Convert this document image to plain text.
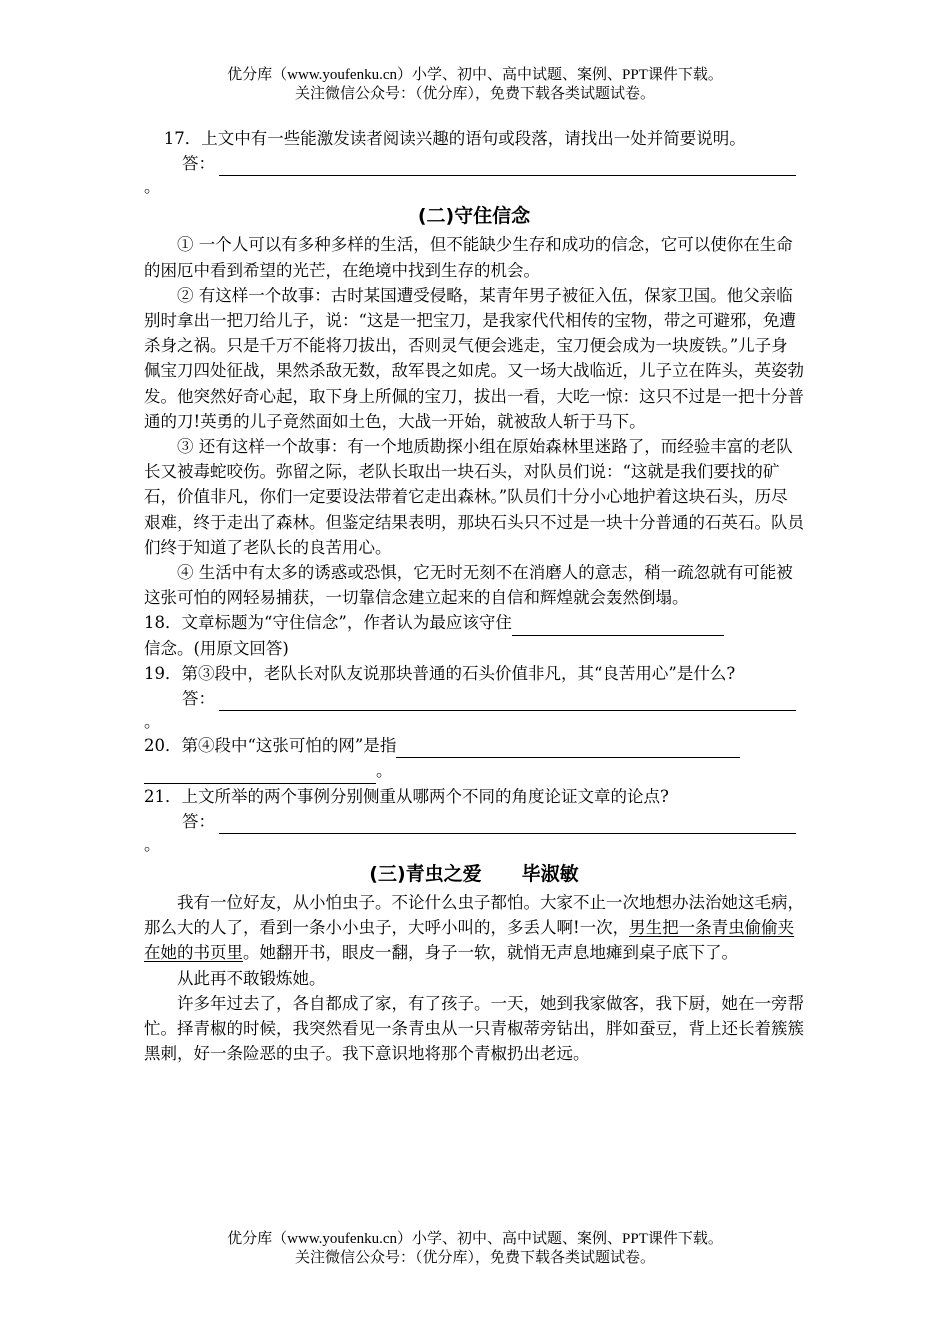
优分库（www.youfenku.cn）小学、初中、高中试题、案例、PPT课件下载。
关注微信公众号：（优分库），免费下载各类试题试卷。

17．上文中有一些能激发读者阅读兴趣的语句或段落，请找出一处并简要说明。

答：
。
(二)守住信念

① 一个人可以有多种多样的生活，但不能缺少生存和成功的信念，它可以使你在生命的困厄中看到希望的光芒，在绝境中找到生存的机会。

② 有这样一个故事：古时某国遭受侵略，某青年男子被征入伍，保家卫国。他父亲临别时拿出一把刀给儿子，说：“这是一把宝刀，是我家代代相传的宝物，带之可避邪，免遭杀身之祸。只是千万不能将刀拔出，否则灵气便会逃走，宝刀便会成为一块废铁。”儿子身佩宝刀四处征战，果然杀敌无数，敌军畏之如虎。又一场大战临近，儿子立在阵头，英姿勃发。他突然好奇心起，取下身上所佩的宝刀，拔出一看，大吃一惊：这只不过是一把十分普通的刀!英勇的儿子竟然面如土色，大战一开始，就被敌人斩于马下。

③ 还有这样一个故事：有一个地质勘探小组在原始森林里迷路了，而经验丰富的老队长又被毒蛇咬伤。弥留之际，老队长取出一块石头，对队员们说：“这就是我们要找的矿石，价值非凡，你们一定要设法带着它走出森林。”队员们十分小心地护着这块石头，历尽艰难，终于走出了森林。但鉴定结果表明，那块石头只不过是一块十分普通的石英石。队员们终于知道了老队长的良苦用心。

④ 生活中有太多的诱惑或恐惧，它无时无刻不在消磨人的意志，稍一疏忽就有可能被这张可怕的网轻易捕获，一切靠信念建立起来的自信和辉煌就会轰然倒塌。

18．文章标题为“守住信念”，作者认为最应该守住

信念。(用原文回答)

19．第③段中，老队长对队友说那块普通的石头价值非凡，其“良苦用心”是什么?

答：
。

20．第④段中“这张可怕的网”是指

。

21．上文所举的两个事例分别侧重从哪两个不同的角度论证文章的论点?

答：
。
(三)青虫之爱 毕淑敏

我有一位好友，从小怕虫子。不论什么虫子都怕。大家不止一次地想办法治她这毛病，那么大的人了，看到一条小小虫子，大呼小叫的，多丢人啊!一次，男生把一条青虫偷偷夹在她的书页里。她翻开书，眼皮一翻，身子一软，就悄无声息地瘫到桌子底下了。

从此再不敢锻炼她。

许多年过去了，各自都成了家，有了孩子。一天，她到我家做客，我下厨，她在一旁帮忙。择青椒的时候，我突然看见一条青虫从一只青椒蒂旁钻出，胖如蚕豆，背上还长着簇簇黑刺，好一条险恶的虫子。我下意识地将那个青椒扔出老远。

优分库（www.youfenku.cn）小学、初中、高中试题、案例、PPT课件下载。
关注微信公众号：（优分库），免费下载各类试题试卷。
